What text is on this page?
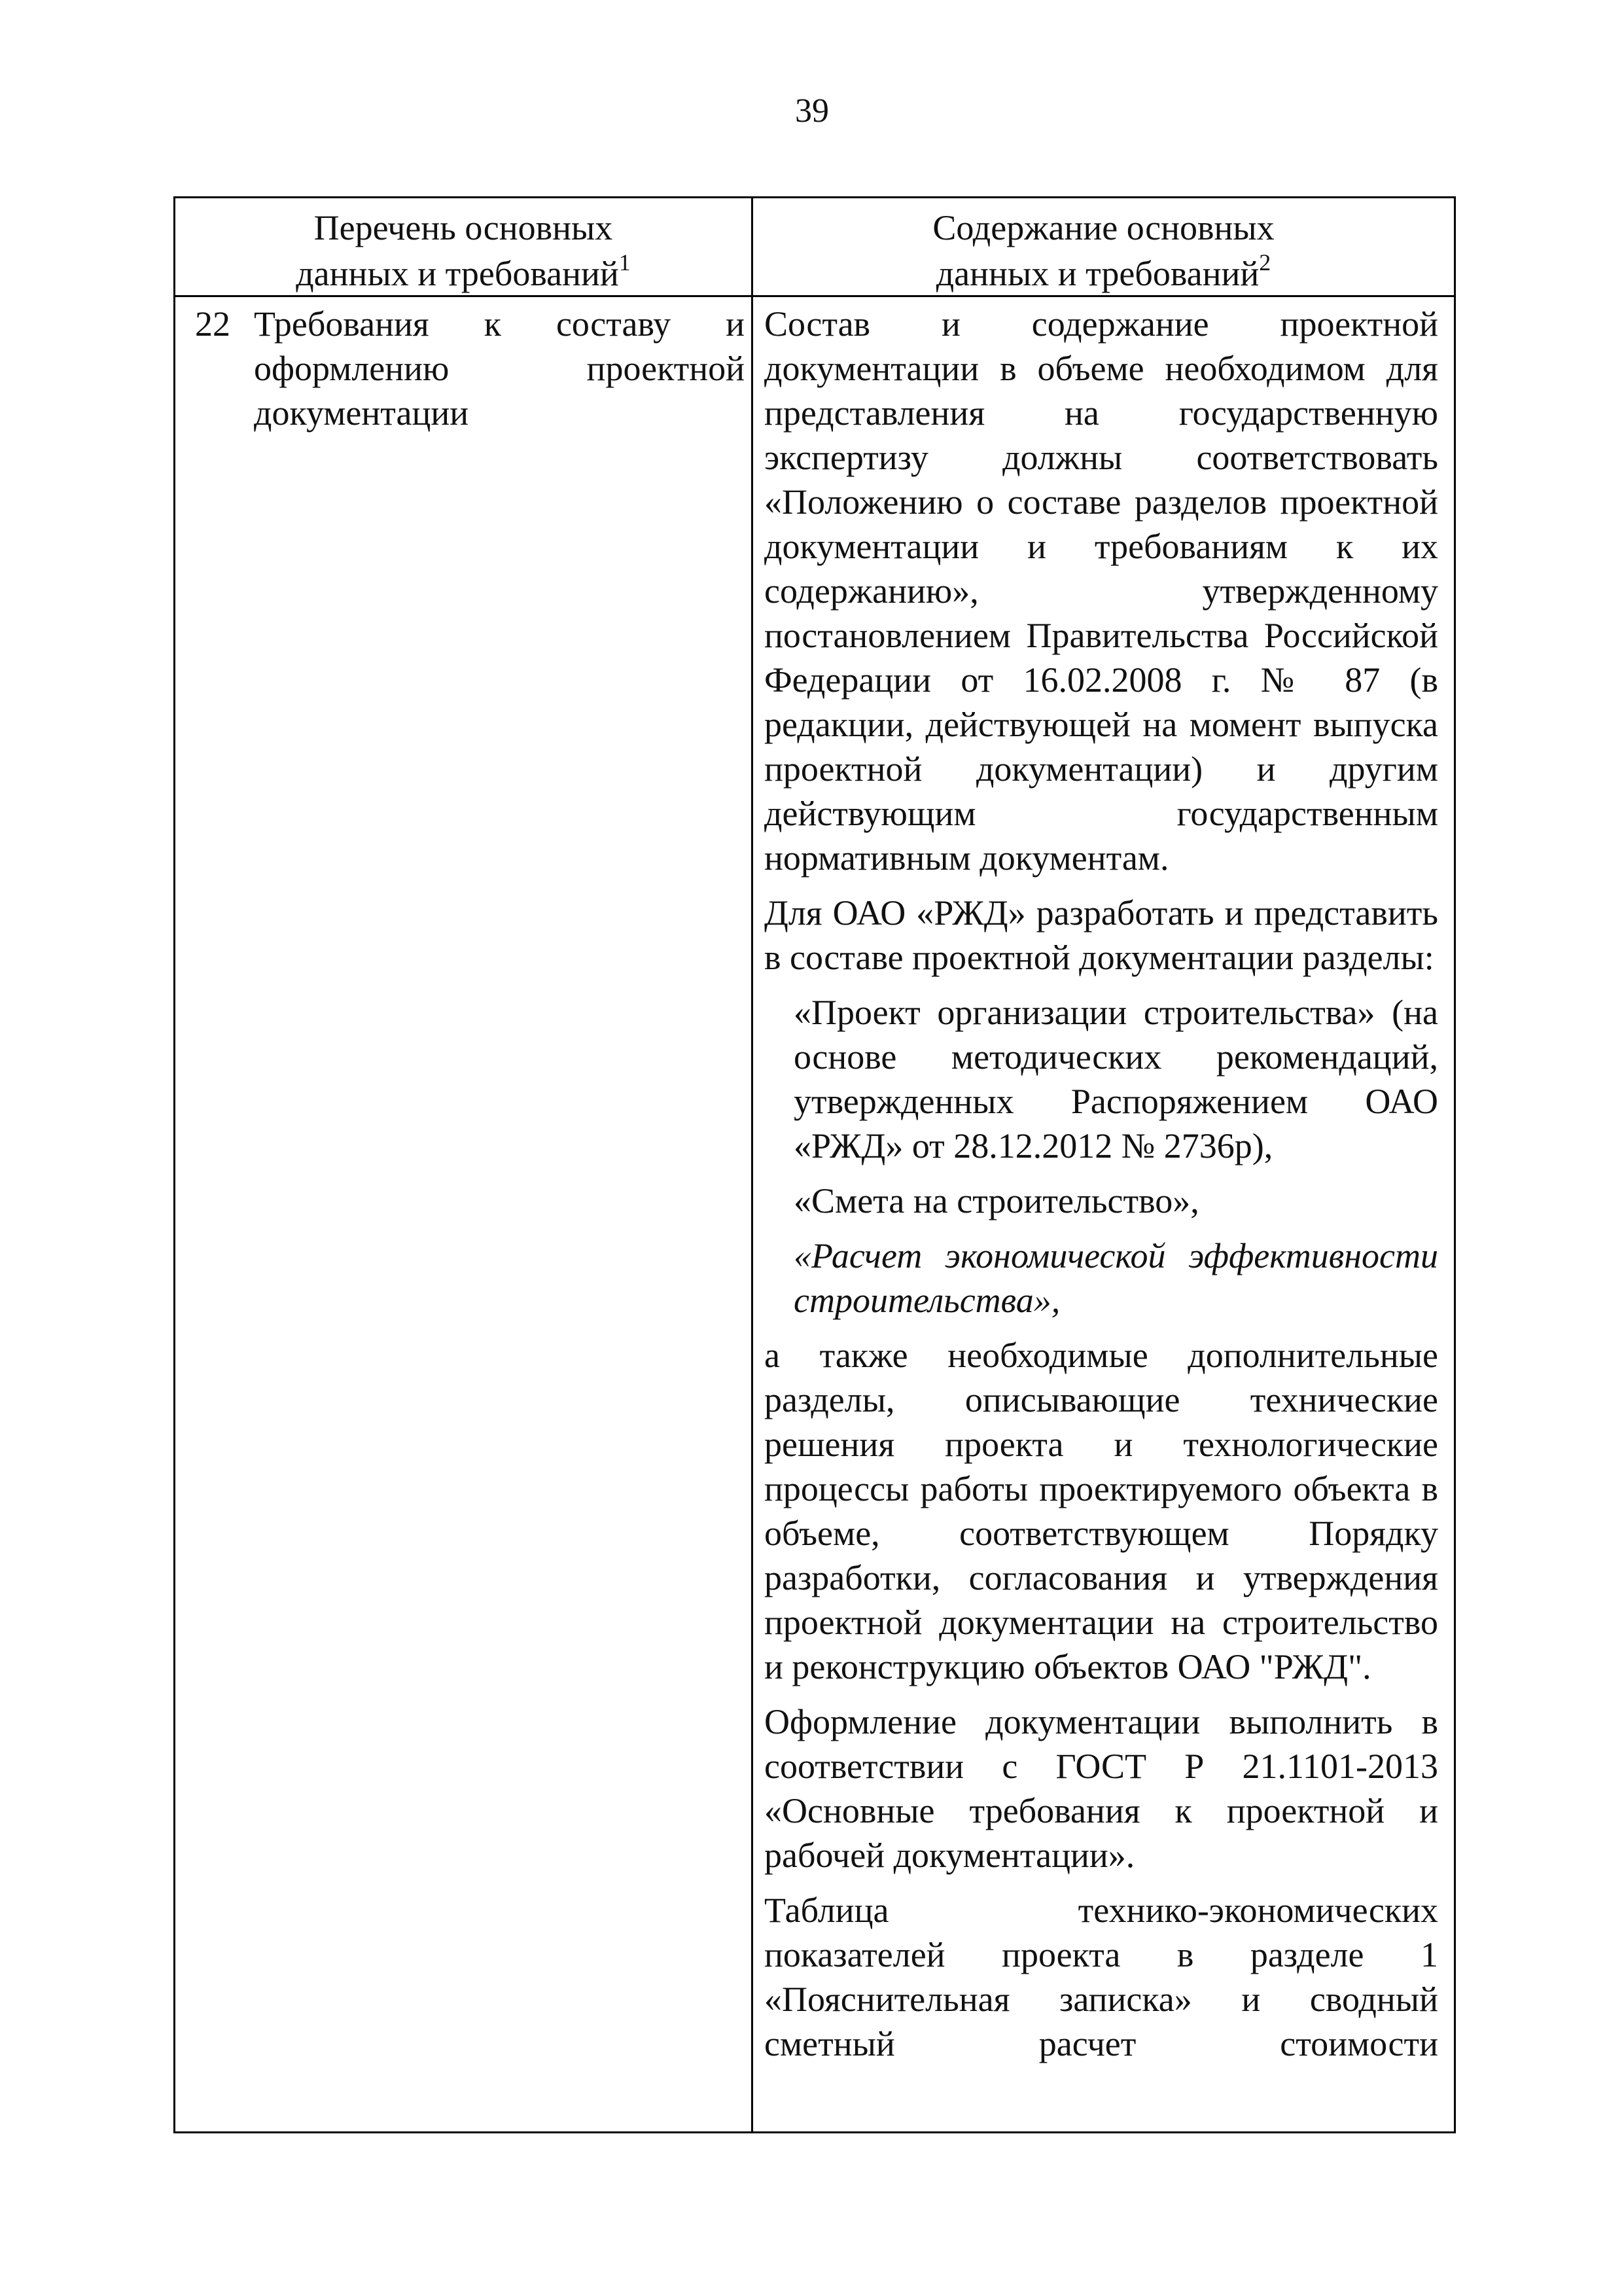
39
Перечень основных
данных и требований$^1$
Содержание основных
данных и требований$^2$
22 Требования к составу и оформлению проектной документации

Состав и содержание проектной документации в объеме необходимом для представления на государственную экспертизу должны соответствовать «Положению о составе разделов проектной документации и требованиям к их содержанию», утвержденному постановлением Правительства Российской Федерации от 16.02.2008 г. № 87 (в редакции, действующей на момент выпуска проектной документации) и другим действующим государственным нормативным документам.

Для ОАО «РЖД» разработать и представить в составе проектной документации разделы:

«Проект организации строительства» (на основе методических рекомендаций, утвержденных Распоряжением ОАО «РЖД» от 28.12.2012 № 2736р),

«Смета на строительство»,

«Расчет экономической эффективности строительства»,

а также необходимые дополнительные разделы, описывающие технические решения проекта и технологические процессы работы проектируемого объекта в объеме, соответствующем Порядку разработки, согласования и утверждения проектной документации на строительство и реконструкцию объектов ОАО "РЖД".

Оформление документации выполнить в соответствии с ГОСТ Р 21.1101-2013 «Основные требования к проектной и рабочей документации».

Таблица технико-экономических показателей проекта в разделе 1 «Пояснительная записка» и сводный сметный расчет стоимости
